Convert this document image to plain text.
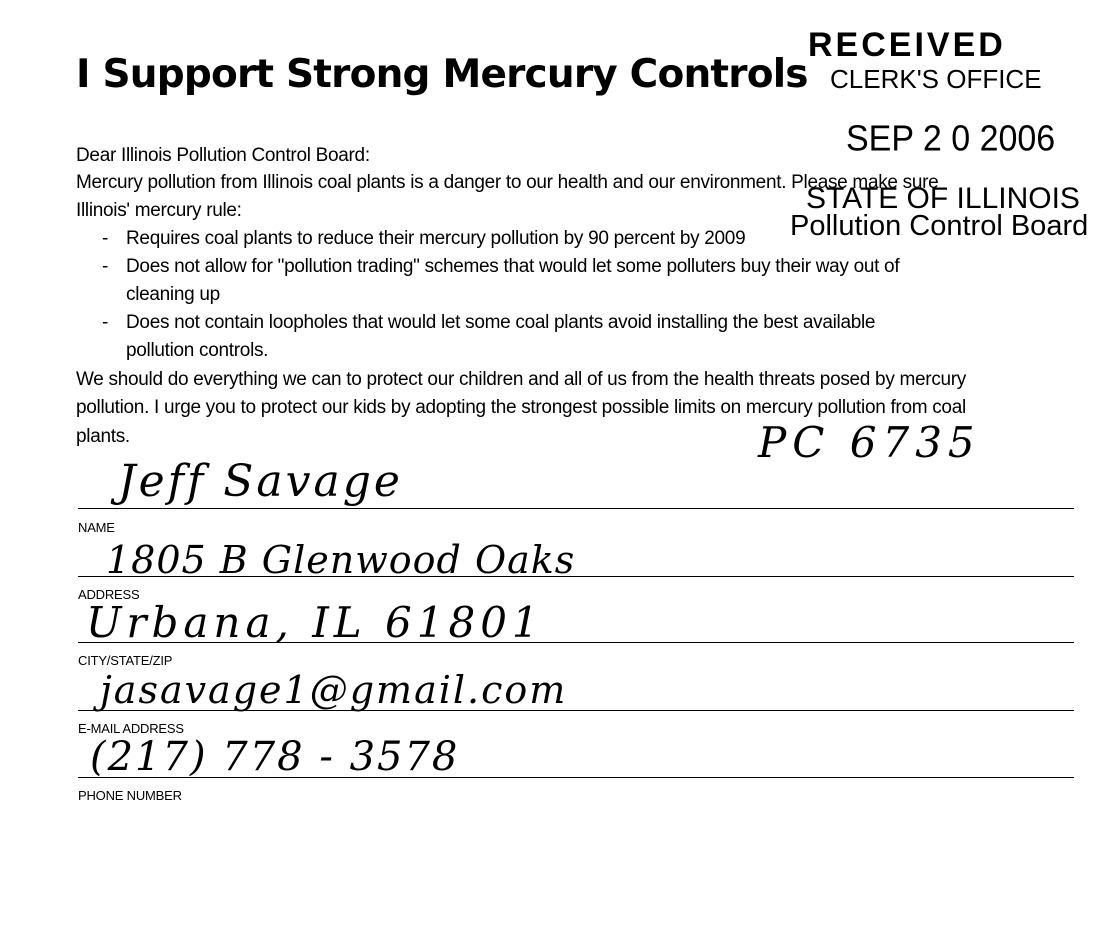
I Support Strong Mercury Controls
RECEIVED
CLERK'S OFFICE
SEP 2 0 2006
STATE OF ILLINOIS
Pollution Control Board
Dear Illinois Pollution Control Board:
Mercury pollution from Illinois coal plants is a danger to our health and our environment. Please make sure
Illinois' mercury rule:
- Requires coal plants to reduce their mercury pollution by 90 percent by 2009
- Does not allow for "pollution trading" schemes that would let some polluters buy their way out of
cleaning up
- Does not contain loopholes that would let some coal plants avoid installing the best available
pollution controls.
We should do everything we can to protect our children and all of us from the health threats posed by mercury
pollution. I urge you to protect our kids by adopting the strongest possible limits on mercury pollution from coal
plants.	PC 6735
Jeff Savage
NAME
1805 B Glenwood Oaks
ADDRESS
Urbana, IL 61801
CITY/STATE/ZIP
jasavage1@gmail.com
E-MAIL ADDRESS
(217) 778 - 3578
PHONE NUMBER
